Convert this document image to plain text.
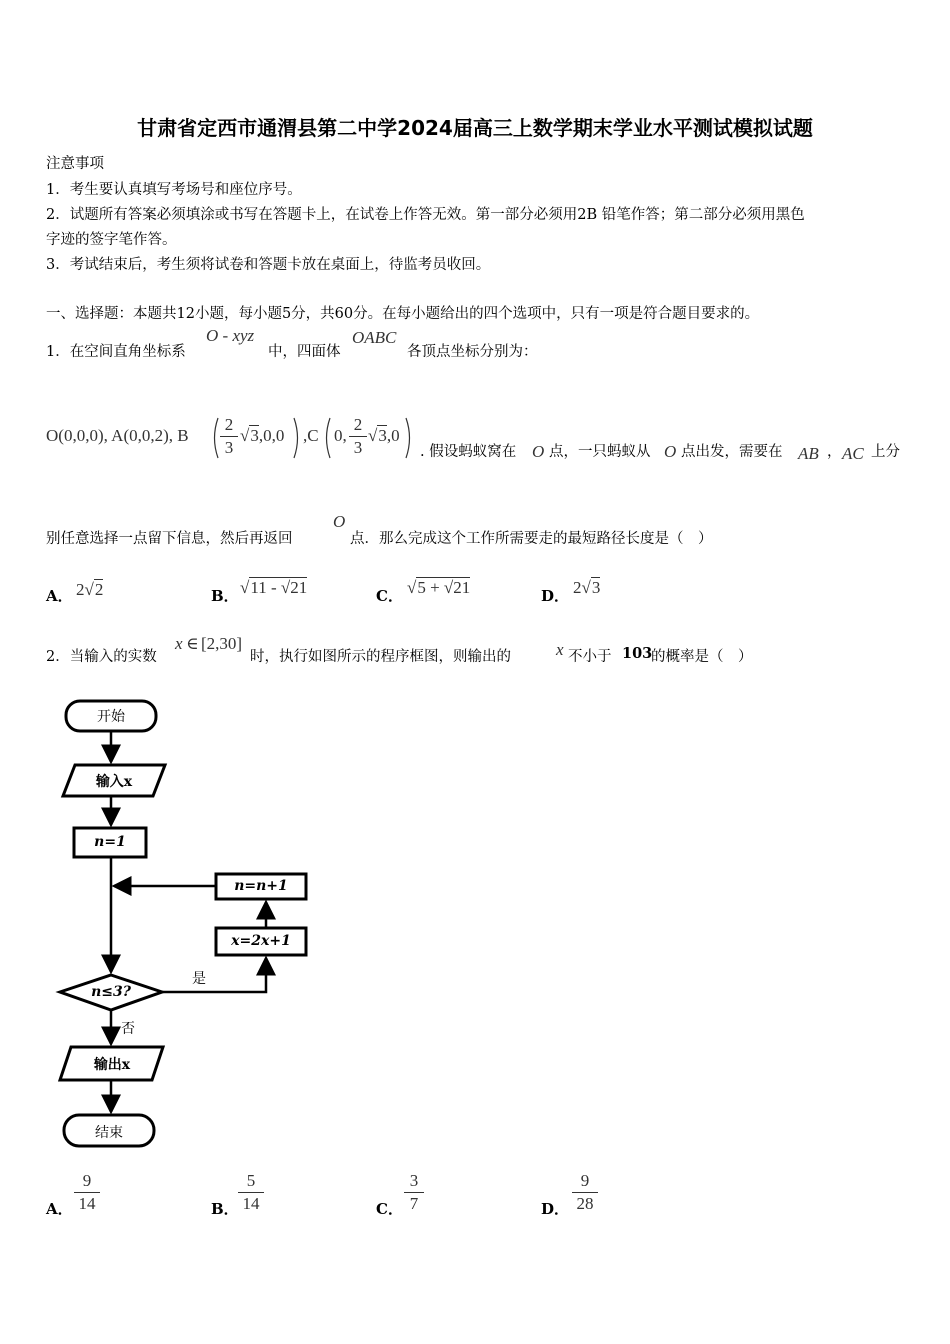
甘肃省定西市通渭县第二中学2024届高三上数学期末学业水平测试模拟试题
注意事项
1．考生要认真填写考场号和座位序号。
2．试题所有答案必须填涂或书写在答题卡上，在试卷上作答无效。第一部分必须用2B 铅笔作答；第二部分必须用黑色
字迹的签字笔作答。
3．考试结束后，考生须将试卷和答题卡放在桌面上，待监考员收回。
一、选择题：本题共12小题，每小题5分，共60分。在每小题给出的四个选项中，只有一项是符合题目要求的。
1．在空间直角坐标系
O - xyz
中，四面体
OABC
各顶点坐标分别为：
O(0,0,0), A(0,0,2), B $\frac{2}{3} √3,0,0$ ,C 0, $\frac{2}{3} √3,0$
. 假设蚂蚁窝在 O 点，一只蚂蚁从 O 点出发，需要在 AB ， AC 上分
别任意选择一点留下信息，然后再返回
O
点．那么完成这个工作所需要走的最短路径长度是（　）
A． 2√2	B． √11 - √21	C． √5 + √21	D． 2√3
2．当输入的实数
x ∈ [2,30]
时，执行如图所示的程序框图，则输出的	x 不小于 103
的概率是（　）
开始
输入x
n=1
n=n+1
x=2x+1
n≤3?
是
否
输出x
结束
A． $\frac{9}{14}$	B． $\frac{5}{14}$	C． $\frac{3}{7}$	D． $\frac{9}{28}$
